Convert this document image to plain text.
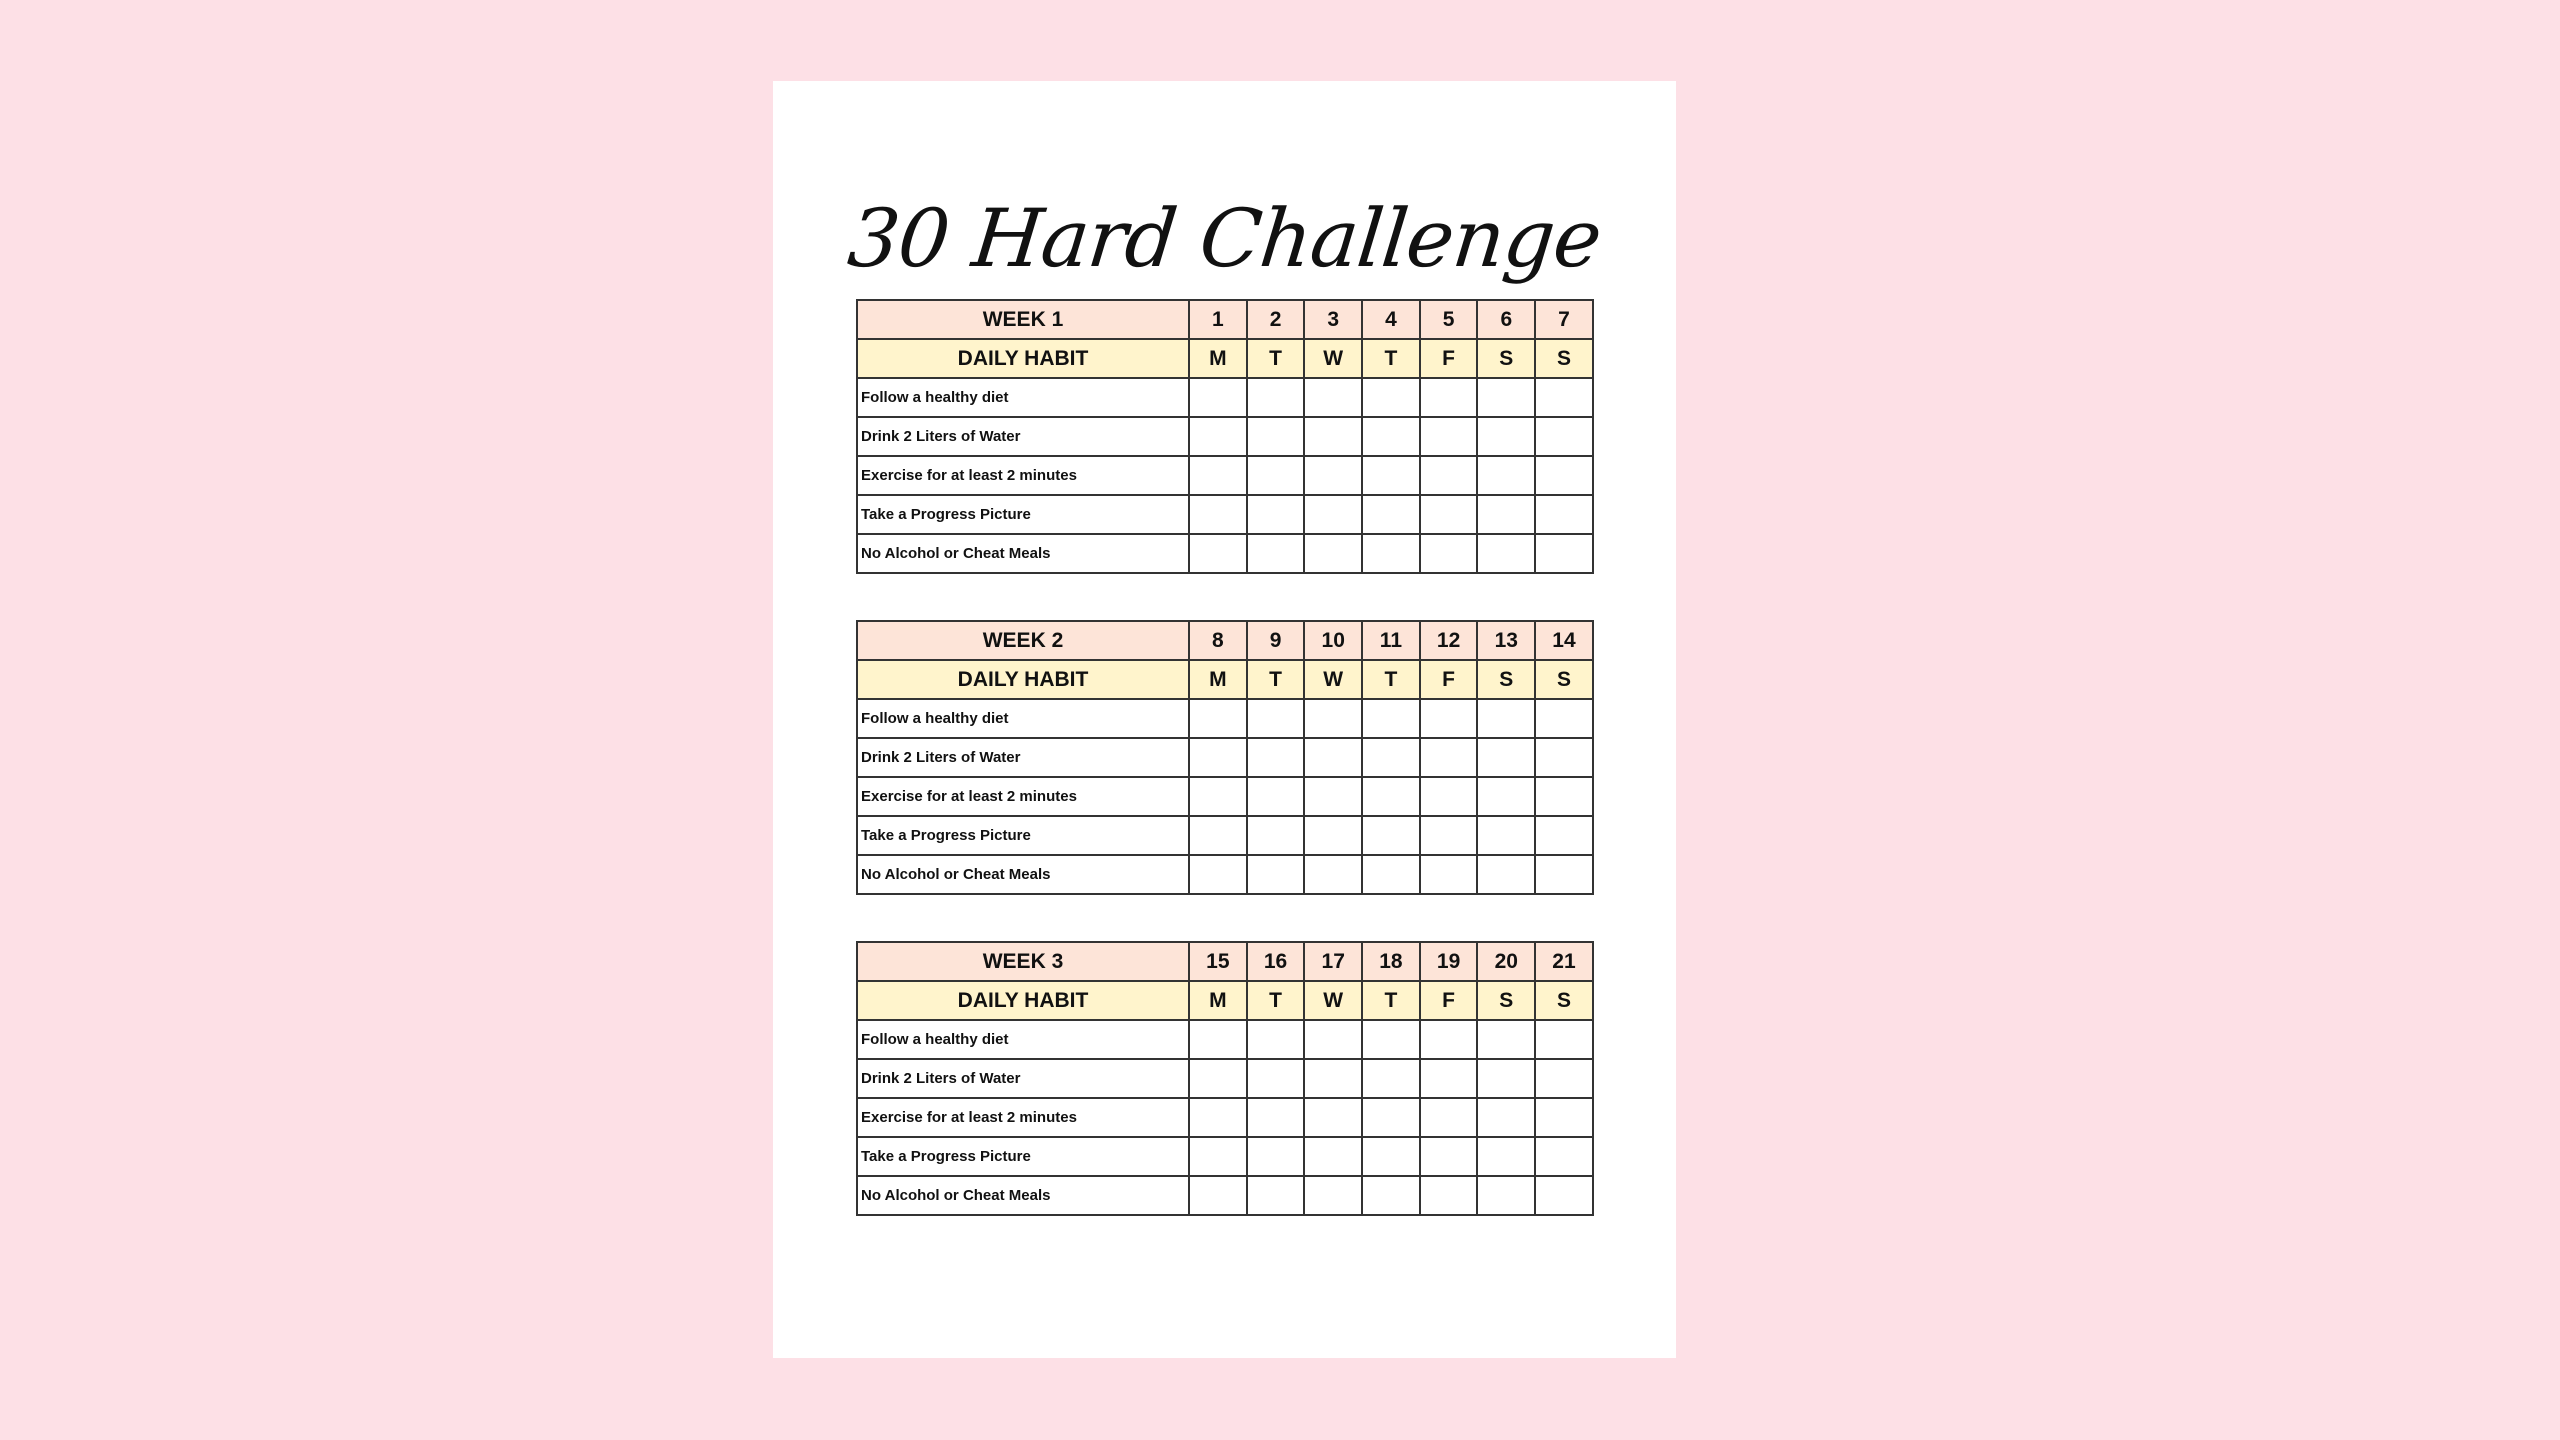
30 Hard Challenge
WEEK 1	1	2	3	4	5	6	7
DAILY HABIT	M	T	W	T	F	S	S
Follow a healthy diet							
Drink 2 Liters of Water							
Exercise for at least 2 minutes							
Take a Progress Picture							
No Alcohol or Cheat Meals							
WEEK 2	8	9	10	11	12	13	14
DAILY HABIT	M	T	W	T	F	S	S
Follow a healthy diet							
Drink 2 Liters of Water							
Exercise for at least 2 minutes							
Take a Progress Picture							
No Alcohol or Cheat Meals							
WEEK 3	15	16	17	18	19	20	21
DAILY HABIT	M	T	W	T	F	S	S
Follow a healthy diet							
Drink 2 Liters of Water							
Exercise for at least 2 minutes							
Take a Progress Picture							
No Alcohol or Cheat Meals							
